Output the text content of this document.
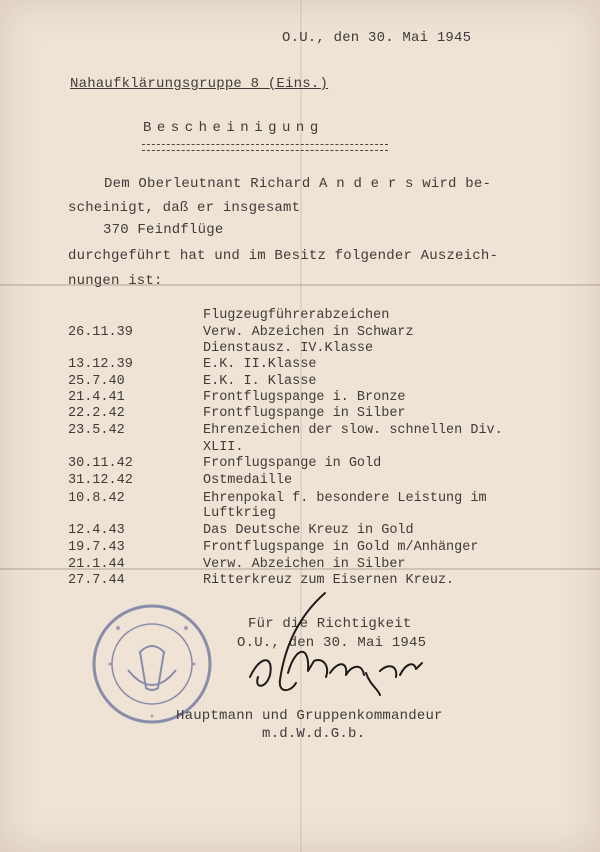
O.U., den 30. Mai 1945
Nahaufklärungsgruppe 8 (Eins.)
Bescheinigung
Dem Oberleutnant Richard A n d e r s wird be-
scheinigt, daß er insgesamt
370 Feindflüge
durchgeführt hat und im Besitz folgender Auszeich-
nungen ist:
Flugzeugführerabzeichen
26.11.39	Verw. Abzeichen in Schwarz
Dienstausz. IV.Klasse
13.12.39	E.K. II.Klasse
25.7.40	E.K. I. Klasse
21.4.41	Frontflugspange i. Bronze
22.2.42	Frontflugspange in Silber
23.5.42	Ehrenzeichen der slow. schnellen Div.
XLII.
30.11.42	Fronflugspange in Gold
31.12.42	Ostmedaille
10.8.42	Ehrenpokal f. besondere Leistung im
Luftkrieg
12.4.43	Das Deutsche Kreuz in Gold
19.7.43	Frontflugspange in Gold m/Anhänger
21.1.44	Verw. Abzeichen in Silber
27.7.44	Ritterkreuz zum Eisernen Kreuz.
Für die Richtigkeit
O.U., den 30. Mai 1945
Hauptmann und Gruppenkommandeur
m.d.W.d.G.b.
